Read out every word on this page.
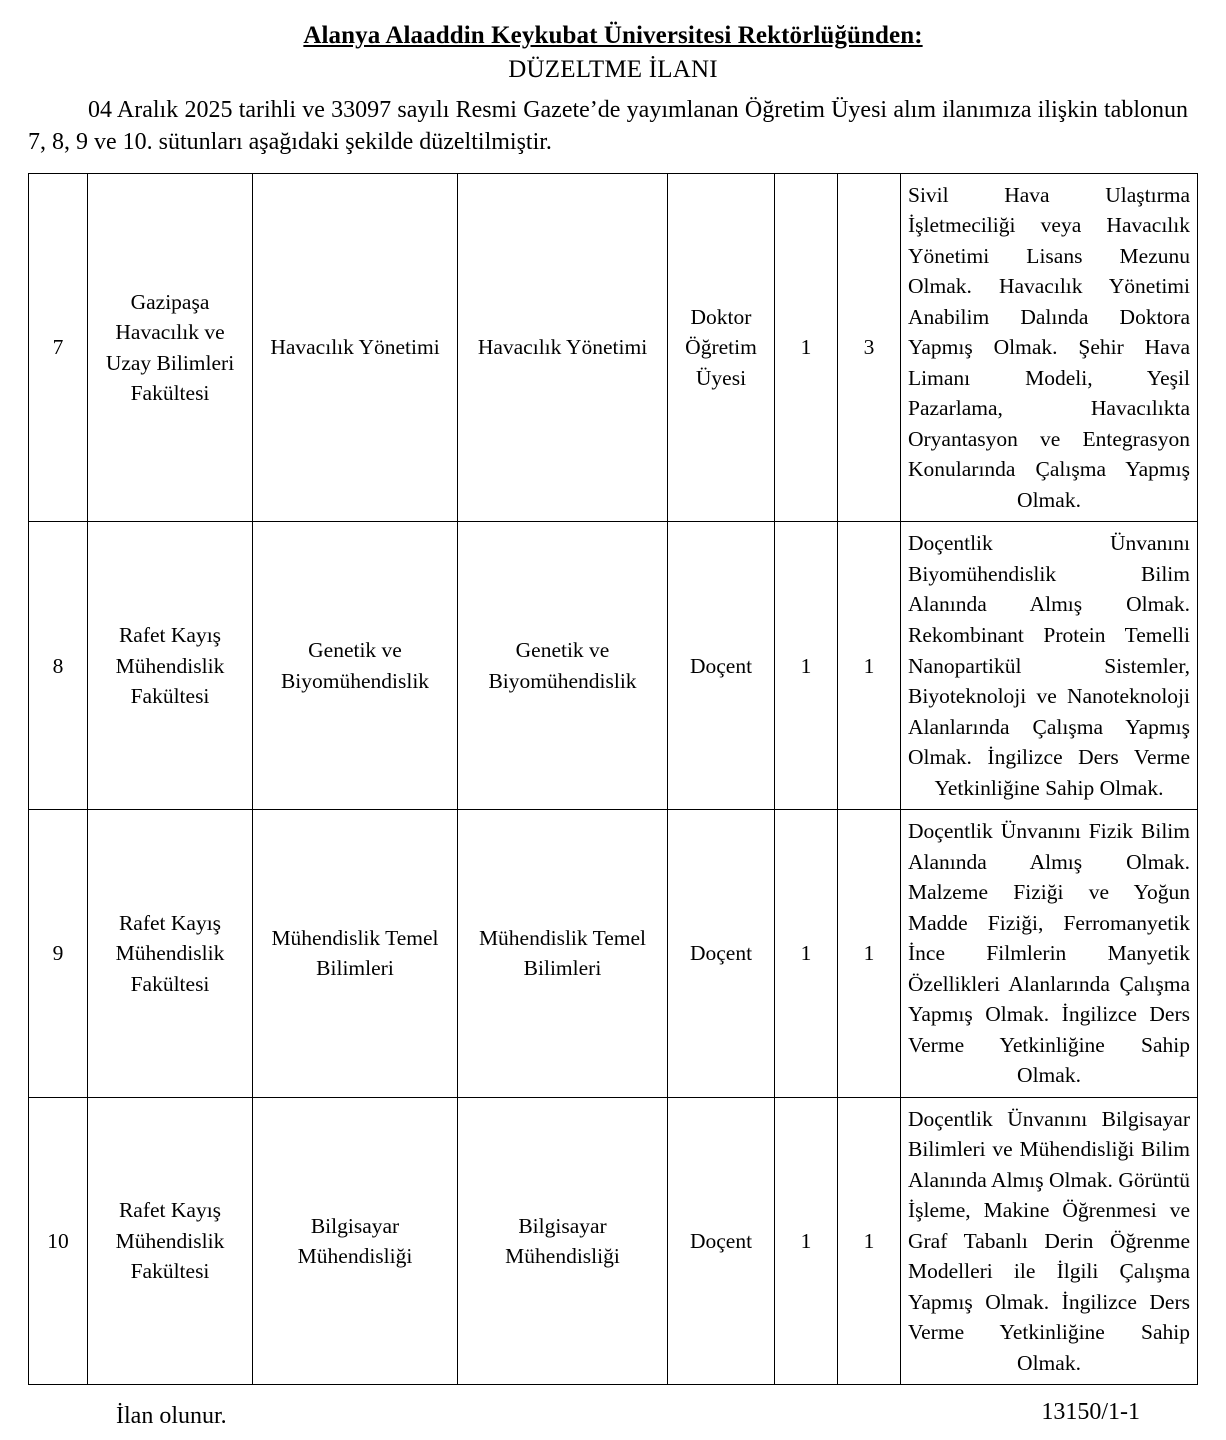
Alanya Alaaddin Keykubat Üniversitesi Rektörlüğünden:
DÜZELTME İLANI

04 Aralık 2025 tarihli ve 33097 sayılı Resmi Gazete’de yayımlanan Öğretim Üyesi alım ilanımıza ilişkin tablonun 7, 8, 9 ve 10. sütunları aşağıdaki şekilde düzeltilmiştir.

7	Gazipaşa Havacılık ve Uzay Bilimleri Fakültesi	Havacılık Yönetimi	Havacılık Yönetimi	Doktor Öğretim Üyesi	1	3	Sivil Hava Ulaştırma İşletmeciliği veya Havacılık Yönetimi Lisans Mezunu Olmak. Havacılık Yönetimi Anabilim Dalında Doktora Yapmış Olmak. Şehir Hava Limanı Modeli, Yeşil Pazarlama, Havacılıkta Oryantasyon ve Entegrasyon Konularında Çalışma Yapmış Olmak.
8	Rafet Kayış Mühendislik Fakültesi	Genetik ve Biyomühendislik	Genetik ve Biyomühendislik	Doçent	1	1	Doçentlik Ünvanını Biyomühendislik Bilim Alanında Almış Olmak. Rekombinant Protein Temelli Nanopartikül Sistemler, Biyoteknoloji ve Nanoteknoloji Alanlarında Çalışma Yapmış Olmak. İngilizce Ders Verme Yetkinliğine Sahip Olmak.
9	Rafet Kayış Mühendislik Fakültesi	Mühendislik Temel Bilimleri	Mühendislik Temel Bilimleri	Doçent	1	1	Doçentlik Ünvanını Fizik Bilim Alanında Almış Olmak. Malzeme Fiziği ve Yoğun Madde Fiziği, Ferromanyetik İnce Filmlerin Manyetik Özellikleri Alanlarında Çalışma Yapmış Olmak. İngilizce Ders Verme Yetkinliğine Sahip Olmak.
10	Rafet Kayış Mühendislik Fakültesi	Bilgisayar Mühendisliği	Bilgisayar Mühendisliği	Doçent	1	1	Doçentlik Ünvanını Bilgisayar Bilimleri ve Mühendisliği Bilim Alanında Almış Olmak. Görüntü İşleme, Makine Öğrenmesi ve Graf Tabanlı Derin Öğrenme Modelleri ile İlgili Çalışma Yapmış Olmak. İngilizce Ders Verme Yetkinliğine Sahip Olmak.
İlan olunur.	13150/1-1
